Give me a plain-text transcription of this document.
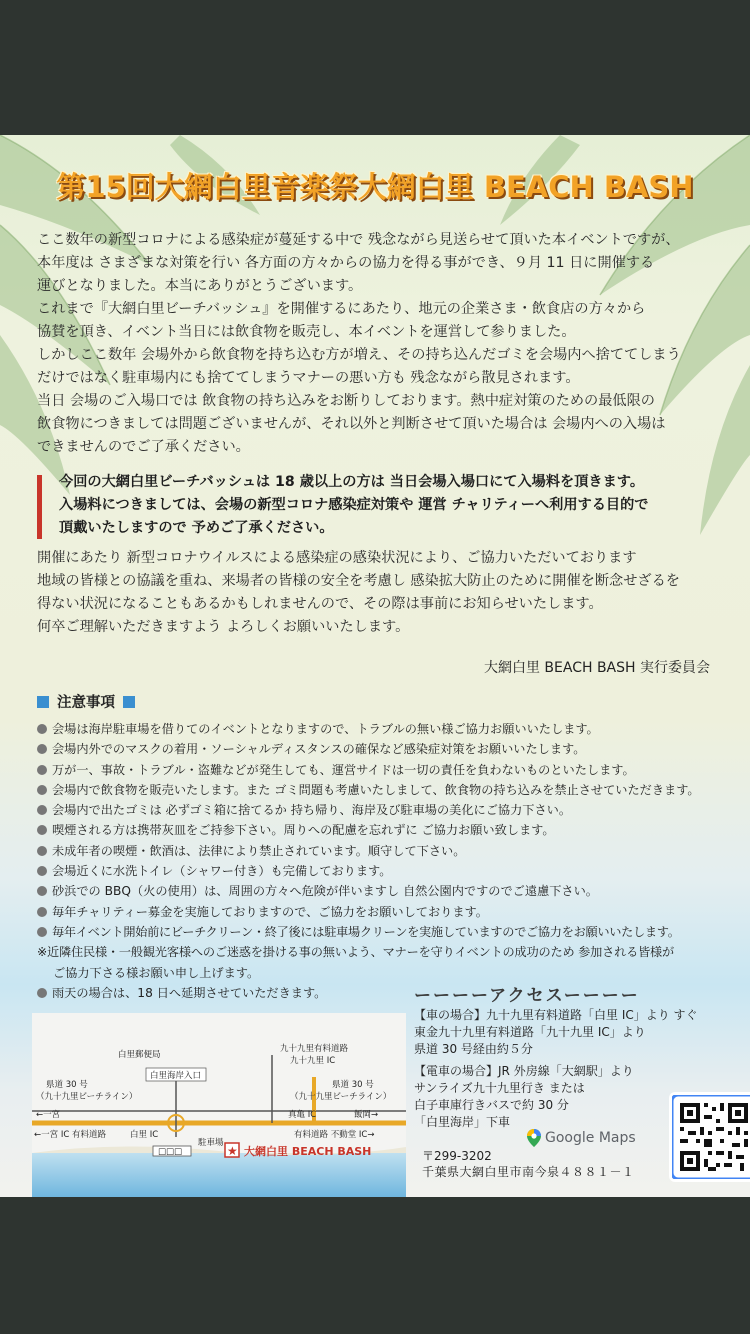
第15回大網白里音楽祭大網白里 BEACH BASH

ここ数年の新型コロナによる感染症が蔓延する中で 残念ながら見送らせて頂いた本イベントですが、

本年度は さまざまな対策を行い 各方面の方々からの協力を得る事ができ、９月 11 日に開催する

運びとなりました。本当にありがとうございます。

これまで『大網白里ビーチバッシュ』を開催するにあたり、地元の企業さま・飲食店の方々から

協賛を頂き、イベント当日には飲食物を販売し、本イベントを運営して参りました。

しかしここ数年 会場外から飲食物を持ち込む方が増え、その持ち込んだゴミを会場内へ捨ててしまう

だけではなく駐車場内にも捨ててしまうマナーの悪い方も 残念ながら散見されます。

当日 会場のご入場口では 飲食物の持ち込みをお断りしております。熱中症対策のための最低限の

飲食物につきましては問題ございませんが、それ以外と判断させて頂いた場合は 会場内への入場は

できませんのでご了承ください。

今回の大網白里ビーチバッシュは 18 歳以上の方は 当日会場入場口にて入場料を頂きます。

入場料につきましては、会場の新型コロナ感染症対策や 運営 チャリティーへ利用する目的で

頂戴いたしますので 予めご了承ください。

開催にあたり 新型コロナウイルスによる感染症の感染状況により、ご協力いただいております

地域の皆様との協議を重ね、来場者の皆様の安全を考慮し 感染拡大防止のために開催を断念せざるを

得ない状況になることもあるかもしれませんので、その際は事前にお知らせいたします。

何卒ご理解いただきますよう よろしくお願いいたします。

大網白里 BEACH BASH 実行委員会
注意事項
会場は海岸駐車場を借りてのイベントとなりますので、トラブルの無い様ご協力お願いいたします。
会場内外でのマスクの着用・ソーシャルディスタンスの確保など感染症対策をお願いいたします。
万が一、事故・トラブル・盗難などが発生しても、運営サイドは一切の責任を負わないものといたします。
会場内で飲食物を販売いたします。また ゴミ問題も考慮いたしまして、飲食物の持ち込みを禁止させていただきます。
会場内で出たゴミは 必ずゴミ箱に捨てるか 持ち帰り、海岸及び駐車場の美化にご協力下さい。
喫煙される方は携帯灰皿をご持参下さい。周りへの配慮を忘れずに ご協力お願い致します。
未成年者の喫煙・飲酒は、法律により禁止されています。順守して下さい。
会場近くに水洗トイレ（シャワー付き）も完備しております。
砂浜での BBQ（火の使用）は、周囲の方々へ危険が伴いますし 自然公園内ですのでご遠慮下さい。
毎年チャリティー募金を実施しておりますので、ご協力をお願いしております。
毎年イベント開始前にビーチクリーン・終了後には駐車場クリーンを実施していますのでご協力をお願いいたします。
※近隣住民様・一般観光客様へのご迷惑を掛ける事の無いよう、マナーを守りイベントの成功のため 参加される皆様が
ご協力下さる様お願い申し上げます。
雨天の場合は、18 日へ延期させていただきます。
□□□	★
白里郵便局
九十九里有料道路
九十九里 IC
県道 30 号
（九十九里ビーチライン）
県道 30 号
（九十九里ビーチライン）
白里海岸入口
真亀 IC	飯岡→
←一宮
←一宮 IC 有料道路	白里 IC	有料道路 不動堂 IC→
駐車場
大網白里 BEACH BASH
ーーーーアクセスーーーー

【車の場合】九十九里有料道路「白里 IC」より すぐ

東金九十九里有料道路「九十九里 IC」より

県道 30 号経由約５分

【電車の場合】JR 外房線「大網駅」より

サンライズ九十九里行き または

白子車庫行きバスで約 30 分

「白里海岸」下車

Google Maps
〒299-3202
千葉県大網白里市南今泉４８８１－１
